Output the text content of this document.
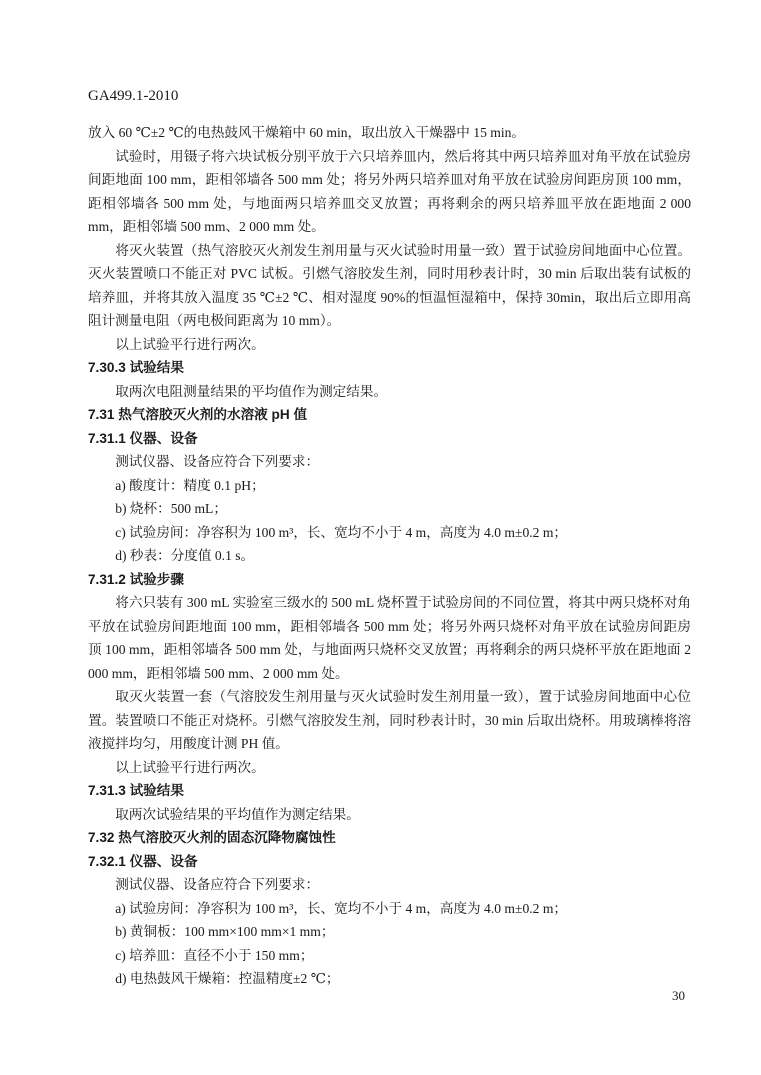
GA499.1-2010

放入 60 ℃±2 ℃的电热鼓风干燥箱中 60 min，取出放入干燥器中 15 min。

试验时，用镊子将六块试板分别平放于六只培养皿内，然后将其中两只培养皿对角平放在试验房间距地面 100 mm，距相邻墙各 500 mm 处；将另外两只培养皿对角平放在试验房间距房顶 100 mm，距相邻墙各 500 mm 处，与地面两只培养皿交叉放置；再将剩余的两只培养皿平放在距地面 2 000 mm，距相邻墙 500 mm、2 000 mm 处。

将灭火装置（热气溶胶灭火剂发生剂用量与灭火试验时用量一致）置于试验房间地面中心位置。灭火装置喷口不能正对 PVC 试板。引燃气溶胶发生剂，同时用秒表计时，30 min 后取出装有试板的培养皿，并将其放入温度 35 ℃±2 ℃、相对湿度 90%的恒温恒湿箱中，保持 30min，取出后立即用高阻计测量电阻（两电极间距离为 10 mm）。

以上试验平行进行两次。

7.30.3 试验结果

取两次电阻测量结果的平均值作为测定结果。

7.31 热气溶胶灭火剂的水溶液 pH 值
7.31.1 仪器、设备

测试仪器、设备应符合下列要求：

a) 酸度计：精度 0.1 pH；

b) 烧杯：500 mL；

c) 试验房间：净容积为 100 m³，长、宽均不小于 4 m，高度为 4.0 m±0.2 m；

d) 秒表：分度值 0.1 s。

7.31.2 试验步骤

将六只装有 300 mL 实验室三级水的 500 mL 烧杯置于试验房间的不同位置，将其中两只烧杯对角平放在试验房间距地面 100 mm，距相邻墙各 500 mm 处；将另外两只烧杯对角平放在试验房间距房顶 100 mm，距相邻墙各 500 mm 处，与地面两只烧杯交叉放置；再将剩余的两只烧杯平放在距地面 2 000 mm，距相邻墙 500 mm、2 000 mm 处。

取灭火装置一套（气溶胶发生剂用量与灭火试验时发生剂用量一致），置于试验房间地面中心位置。装置喷口不能正对烧杯。引燃气溶胶发生剂，同时秒表计时，30 min 后取出烧杯。用玻璃棒将溶液搅拌均匀，用酸度计测 PH 值。

以上试验平行进行两次。

7.31.3 试验结果

取两次试验结果的平均值作为测定结果。

7.32 热气溶胶灭火剂的固态沉降物腐蚀性
7.32.1 仪器、设备

测试仪器、设备应符合下列要求：

a) 试验房间：净容积为 100 m³，长、宽均不小于 4 m，高度为 4.0 m±0.2 m；

b) 黄铜板：100 mm×100 mm×1 mm；

c) 培养皿：直径不小于 150 mm；

d) 电热鼓风干燥箱：控温精度±2 ℃；

30
